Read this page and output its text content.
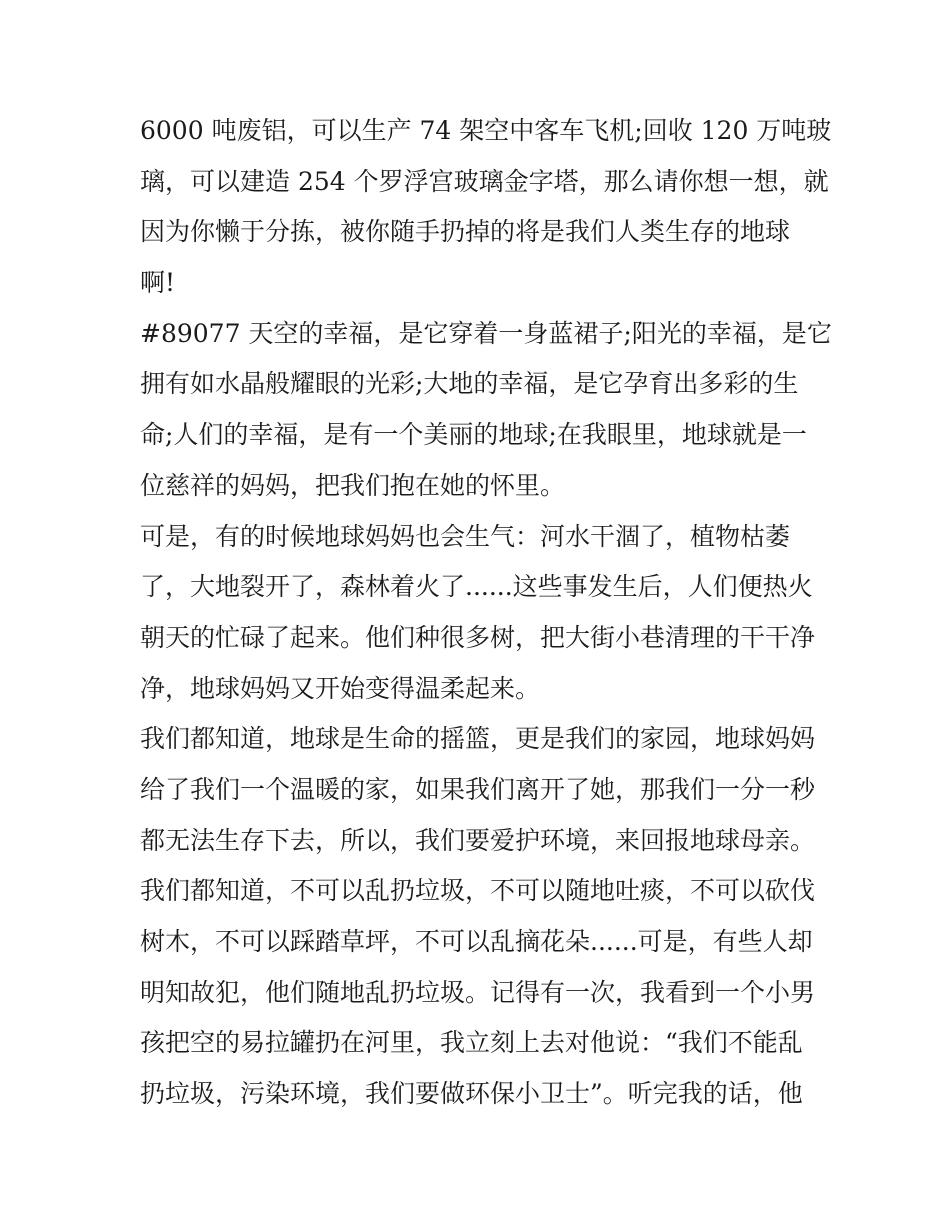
6000 吨废铝，可以生产 74 架空中客车飞机;回收 120 万吨玻
璃，可以建造 254 个罗浮宫玻璃金字塔，那么请你想一想，就
因为你懒于分拣，被你随手扔掉的将是我们人类生存的地球
啊!
#89077 天空的幸福，是它穿着一身蓝裙子;阳光的幸福，是它
拥有如水晶般耀眼的光彩;大地的幸福，是它孕育出多彩的生
命;人们的幸福，是有一个美丽的地球;在我眼里，地球就是一
位慈祥的妈妈，把我们抱在她的怀里。
可是，有的时候地球妈妈也会生气：河水干涸了，植物枯萎
了，大地裂开了，森林着火了......这些事发生后，人们便热火
朝天的忙碌了起来。他们种很多树，把大街小巷清理的干干净
净，地球妈妈又开始变得温柔起来。
我们都知道，地球是生命的摇篮，更是我们的家园，地球妈妈
给了我们一个温暖的家，如果我们离开了她，那我们一分一秒
都无法生存下去，所以，我们要爱护环境，来回报地球母亲。
我们都知道，不可以乱扔垃圾，不可以随地吐痰，不可以砍伐
树木，不可以踩踏草坪，不可以乱摘花朵......可是，有些人却
明知故犯，他们随地乱扔垃圾。记得有一次，我看到一个小男
孩把空的易拉罐扔在河里，我立刻上去对他说：“我们不能乱
扔垃圾，污染环境，我们要做环保小卫士”。听完我的话，他
